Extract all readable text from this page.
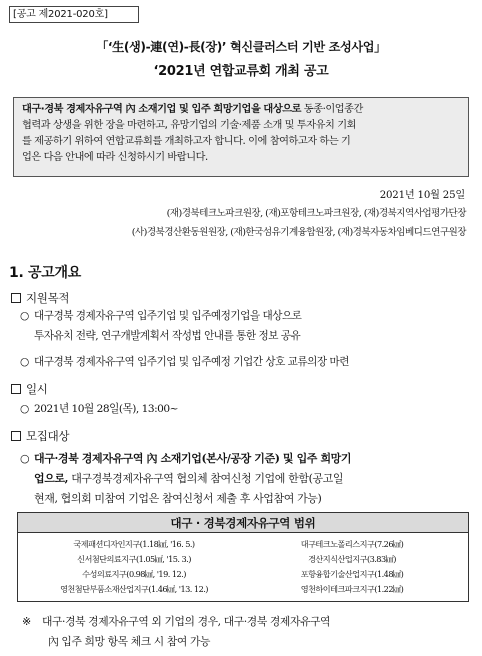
[공고 제2021-020호]
「‘生(생)-連(연)-長(장)’ 혁신클러스터 기반 조성사업」
‘2021년 연합교류회 개최 공고
대구·경북 경제자유구역 內 소재기업 및 입주 희망기업을 대상으로 동종·이업종간
협력과 상생을 위한 장을 마련하고, 유망기업의 기술·제품 소개 및 투자유치 기회
를 제공하기 위하여 연합교류회를 개최하고자 합니다. 이에 참여하고자 하는 기
업은 다음 안내에 따라 신청하시기 바랍니다.
2021년 10월 25일
(재)경북테크노파크원장, (재)포항테크노파크원장, (재)경북지역사업평가단장
(사)경북경산환동원원장, (재)한국섬유기계융합원장, (재)경북자동차임베디드연구원장
1. 공고개요
지원목적
○ 대구경북 경제자유구역 입주기업 및 입주예정기업을 대상으로
투자유치 전략, 연구개발계획서 작성법 안내를 통한 정보 공유
○ 대구경북 경제자유구역 입주기업 및 입주예정 기업간 상호 교류의장 마련
일시
○ 2021년 10월 28일(목), 13:00~
모집대상
○ 대구·경북 경제자유구역 內 소재기업(본사/공장 기준) 및 입주 희망기
업으로, 대구경북경제자유구역 협의체 참여신청 기업에 한함(공고일
현재, 협의회 미참여 기업은 참여신청서 제출 후 사업참여 가능)
대구 · 경북경제자유구역 범위
국제패션디자인지구(1.18㎢, '16. 5.)
신서첨단의료지구(1.05㎢, '15. 3.)
수성의료지구(0.98㎢, '19. 12.)
영천첨단부품소재산업지구(1.46㎢, '13. 12.)
대구테크노폴리스지구(7.26㎢)
경산지식산업지구(3.83㎢)
포항융합기술산업지구(1.48㎢)
영천하이테크파크지구(1.22㎢)
※ 대구·경북 경제자유구역 외 기업의 경우, 대구·경북 경제자유구역
內 입주 희망 항목 체크 시 참여 가능
